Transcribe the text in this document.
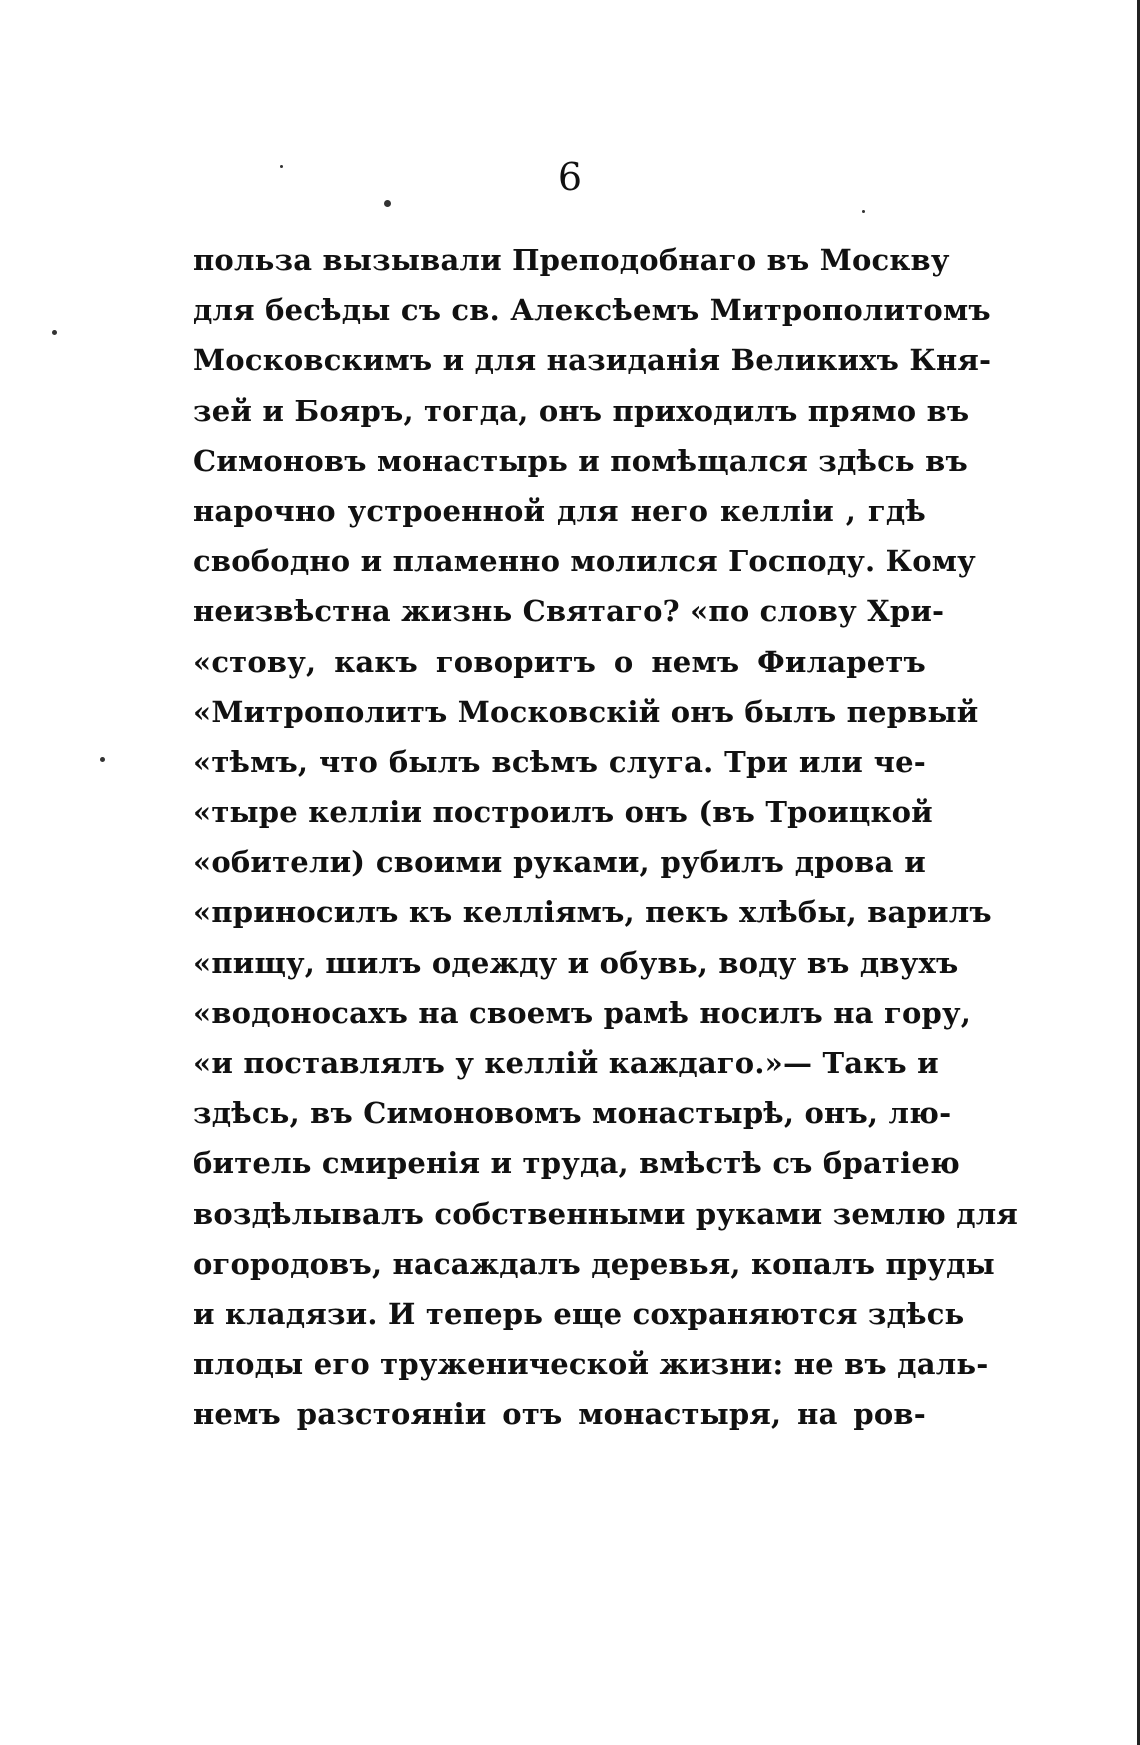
6
польза вызывали Преподобнаго въ Москву
для бесѣды съ св. Алексѣемъ Митрополитомъ
Московскимъ и для назиданія Великихъ Кня-
зей и Бояръ, тогда, онъ приходилъ прямо въ
Симоновъ монастырь и помѣщался здѣсь въ
нарочно устроенной для него келліи , гдѣ
свободно и пламенно молился Господу. Кому
неизвѣстна жизнь Святаго? «по слову Хри-
«стову, какъ говоритъ о немъ Филаретъ
«Митрополитъ Московскій онъ былъ первый
«тѣмъ, что былъ всѣмъ слуга. Три или че-
«тыре келліи построилъ онъ (въ Троицкой
«обители) своими руками, рубилъ дрова и
«приносилъ къ келліямъ, пекъ хлѣбы, варилъ
«пищу, шилъ одежду и обувь, воду въ двухъ
«водоносахъ на своемъ рамѣ носилъ на гору,
«и поставлялъ у келлій каждаго.»— Такъ и
здѣсь, въ Симоновомъ монастырѣ, онъ, лю-
битель смиренія и труда, вмѣстѣ съ братіею
воздѣлывалъ собственными руками землю для
огородовъ, насаждалъ деревья, копалъ пруды
и кладязи. И теперь еще сохраняются здѣсь
плоды его труженической жизни: не въ даль-
немъ разстояніи отъ монастыря, на ров-
